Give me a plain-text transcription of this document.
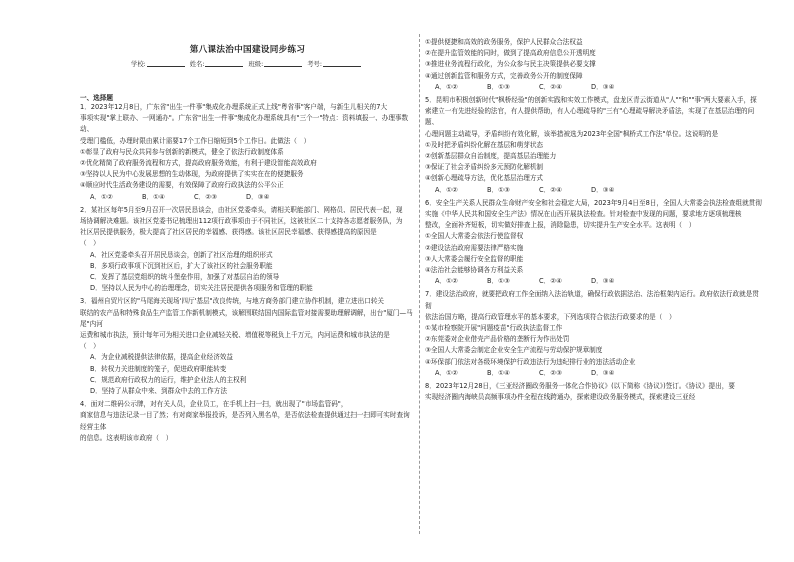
第八课法治中国建设同步练习
学校:	姓名:	班级:	考号:
一、选择题

1．2023年12月8日，广东省"出生一件事"集成化办理系统正式上线"粤省事"客户端，与新生儿相关的7大

事项实现"掌上联办、一网通办"。广东省"出生一件事"集成化办理系统具有"三个一"特点：资料填报一、办理事数动、

受理门槛低，办理时限由累计需要17个工作日缩短到5个工作日。此做法（　）

①彰显了政府与民众共同参与创新的新模式，健全了依法行政制度体系

②优化精简了政府服务流程和方式，提高政府服务效能，有利于建设智能高效政府

③坚持以人民为中心发展思想的生动体现，为政府提供了实实在在的便捷服务

④顺应时代生活政务建设的需要，有效保障了政府行政执法的公平公正

A．①②	B．①④	C．②③	D．③④

2．某社区每年5月至9月召开一次居民恳谈会，由社区党委牵头，请相关职能部门、网格员、居民代表一起，现

场协调解决难题。该社区党委书记梳理出112项行政事项由于不同社区，这被社区二十支持各志愿者服务队，为

社区居民提供服务，极大提高了社区居民的幸福感、获得感。该社区居民幸福感、获得感提高的原因是

（　）

A．社区党委牵头召开居民恳谈会，创新了社区治理的组织形式

B．多项行政事项下沉到社区后，扩大了该社区的社会服务职能

C．发挥了基层党组织的统斗堡垒作用，加强了对基层自治的领导

D．坚持以人民为中心的治理理念，切实关注居民提供各项服务和管理的职能

3．福州自贸片区的"马尾海关现场'四厅'基层"改良传统，与地方商务部门建立协作机制，建立进出口转关

联结的农产品和特殊食品生产监管工作新机制模式，该解围联结国内国际监管对接需要助理解调解，出台"厦门—马尾"内河

运费和城市执法，预计每年可为相关进口企业减轻关税、增值税等税负上千万元，内河运费和城市执法的是

（　）

A．为企业减税提供法律依据，提高企业经济效益

B．转权力关进制度的笼子，促进政府职能转变

C．规范政府行政权力的运行，维护企业法人的主权利

D．坚持了从群众中来、到群众中去的工作方法

4．面对二维码公示牌，对有关人员，企业员工，在手机上扫一扫，就出现了"市场监管码"，

商家信息与违法记录一目了然；有对商家举报投诉，是否列入黑名单，是否依法检查提供通过扫一扫即可实时查询经营主体

的信息。这表明该市政府（　）

①提供便捷和高效的政务服务，保护人民群众合法权益

②在提升监管效能的同时，做到了提高政府信息公开透明度

③推进业务流程行政化，为公众参与民主决策提供必要支撑

④通过创新监管和服务方式，完善政务公开的制度保障

A．①②	B．①③	C．②④	D．③④

5．昆明市积极创新时代"枫桥经验"的创新实践和实效工作模式，盘龙区青云街道从"人""和""事"两大要素入手，探

索建立一有先进经验的法官，有人提供帮助，有人心理疏导的"三有"心理疏导解决矛盾法，实现了在基层治理的问题、

心理问题主动疏导，矛盾纠纷有效化解，该举措被选为2023年全国"枫桥式工作法"单位。这说明的是

①及时把矛盾纠纷化解在基层和萌芽状态

②创新基层群众自治制度，提高基层治理能力

③保证了社会矛盾纠纷多元预防化解机制

④创新心理疏导方法，优化基层治理方式

A．①②	B．①③	C．②④	D．③④

6．安全生产关系人民群众生命财产安全和社会稳定大局，2023年9月4日至8日，全国人大常委会执法检查组就贯彻

实施《中华人民共和国安全生产法》情况在山西开展执法检查。针对检查中发现的问题，要求地方逐项梳理核

整改，全面补齐短板，切实做好排查上报，消除隐患，切实提升生产安全水平。这表明（　）

①全国人大常委会依法行使监督权

②建设法治政府需要法律严格实施

③人大常委会履行安全监督的职能

④法治社会能够协调各方利益关系

A．①②	B．①③	C．②④	D．③④

7．建设法治政府，就要把政府工作全面纳入法治轨道，确保行政依据法治、法治框架内运行。政府依法行政就是贯彻

依法治国方略，提高行政管理水平的基本要求，下列选项符合依法行政要求的是（　）

①某市检察院开展"问题疫苗"行政执法监督工作

②东莞委对企业借壳产品价格的垄断行为作出处罚

③全国人大常委会制定企业安全生产流程与劳动保护规章制度

④环保部门依法对各级环境保护行政违法行为违纪排行业的违法活动企业

A．①②	B．①④	C．②③	D．③④

8．2023年12月28日，《三亚经济圈政务服务一体化合作协议》(以下简称《协议》)签订。《协议》提出，要

实现经济圈内海峡员高频事项办件全程在线跨通办，探索建设政务服务模式，探索建设三亚经
